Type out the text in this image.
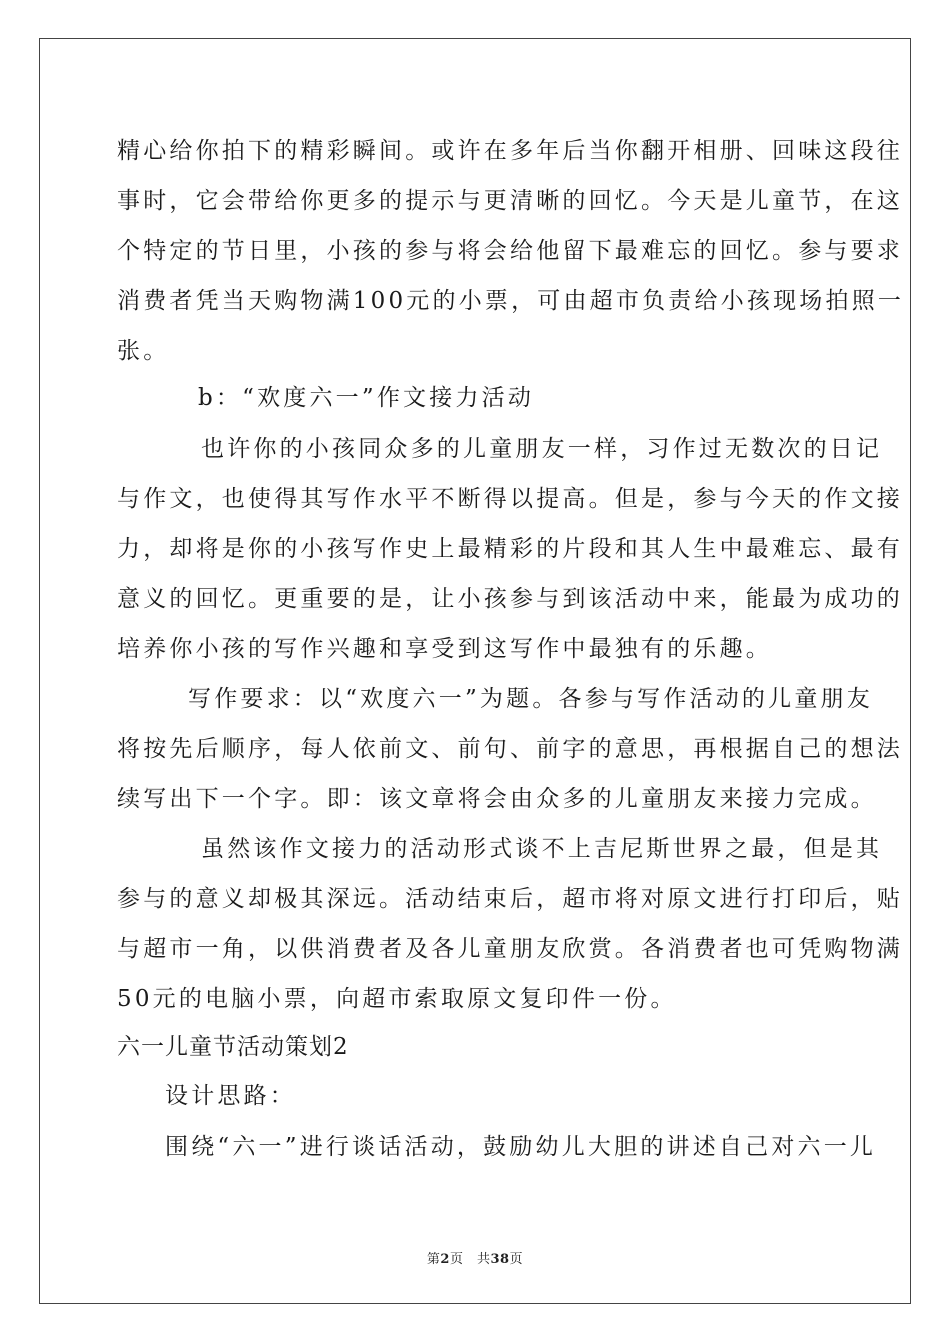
精心给你拍下的精彩瞬间。或许在多年后当你翻开相册、回味这段往
事时，它会带给你更多的提示与更清晰的回忆。今天是儿童节，在这
个特定的节日里，小孩的参与将会给他留下最难忘的回忆。参与要求
消费者凭当天购物满100元的小票，可由超市负责给小孩现场拍照一
张。
b：“欢度六一”作文接力活动
也许你的小孩同众多的儿童朋友一样，习作过无数次的日记
与作文，也使得其写作水平不断得以提高。但是，参与今天的作文接
力，却将是你的小孩写作史上最精彩的片段和其人生中最难忘、最有
意义的回忆。更重要的是，让小孩参与到该活动中来，能最为成功的
培养你小孩的写作兴趣和享受到这写作中最独有的乐趣。
写作要求：以“欢度六一”为题。各参与写作活动的儿童朋友
将按先后顺序，每人依前文、前句、前字的意思，再根据自己的想法
续写出下一个字。即：该文章将会由众多的儿童朋友来接力完成。
虽然该作文接力的活动形式谈不上吉尼斯世界之最，但是其
参与的意义却极其深远。活动结束后，超市将对原文进行打印后，贴
与超市一角，以供消费者及各儿童朋友欣赏。各消费者也可凭购物满
50元的电脑小票，向超市索取原文复印件一份。
六一儿童节活动策划2
设计思路：
围绕“六一”进行谈话活动，鼓励幼儿大胆的讲述自己对六一儿
第2页　共38页
